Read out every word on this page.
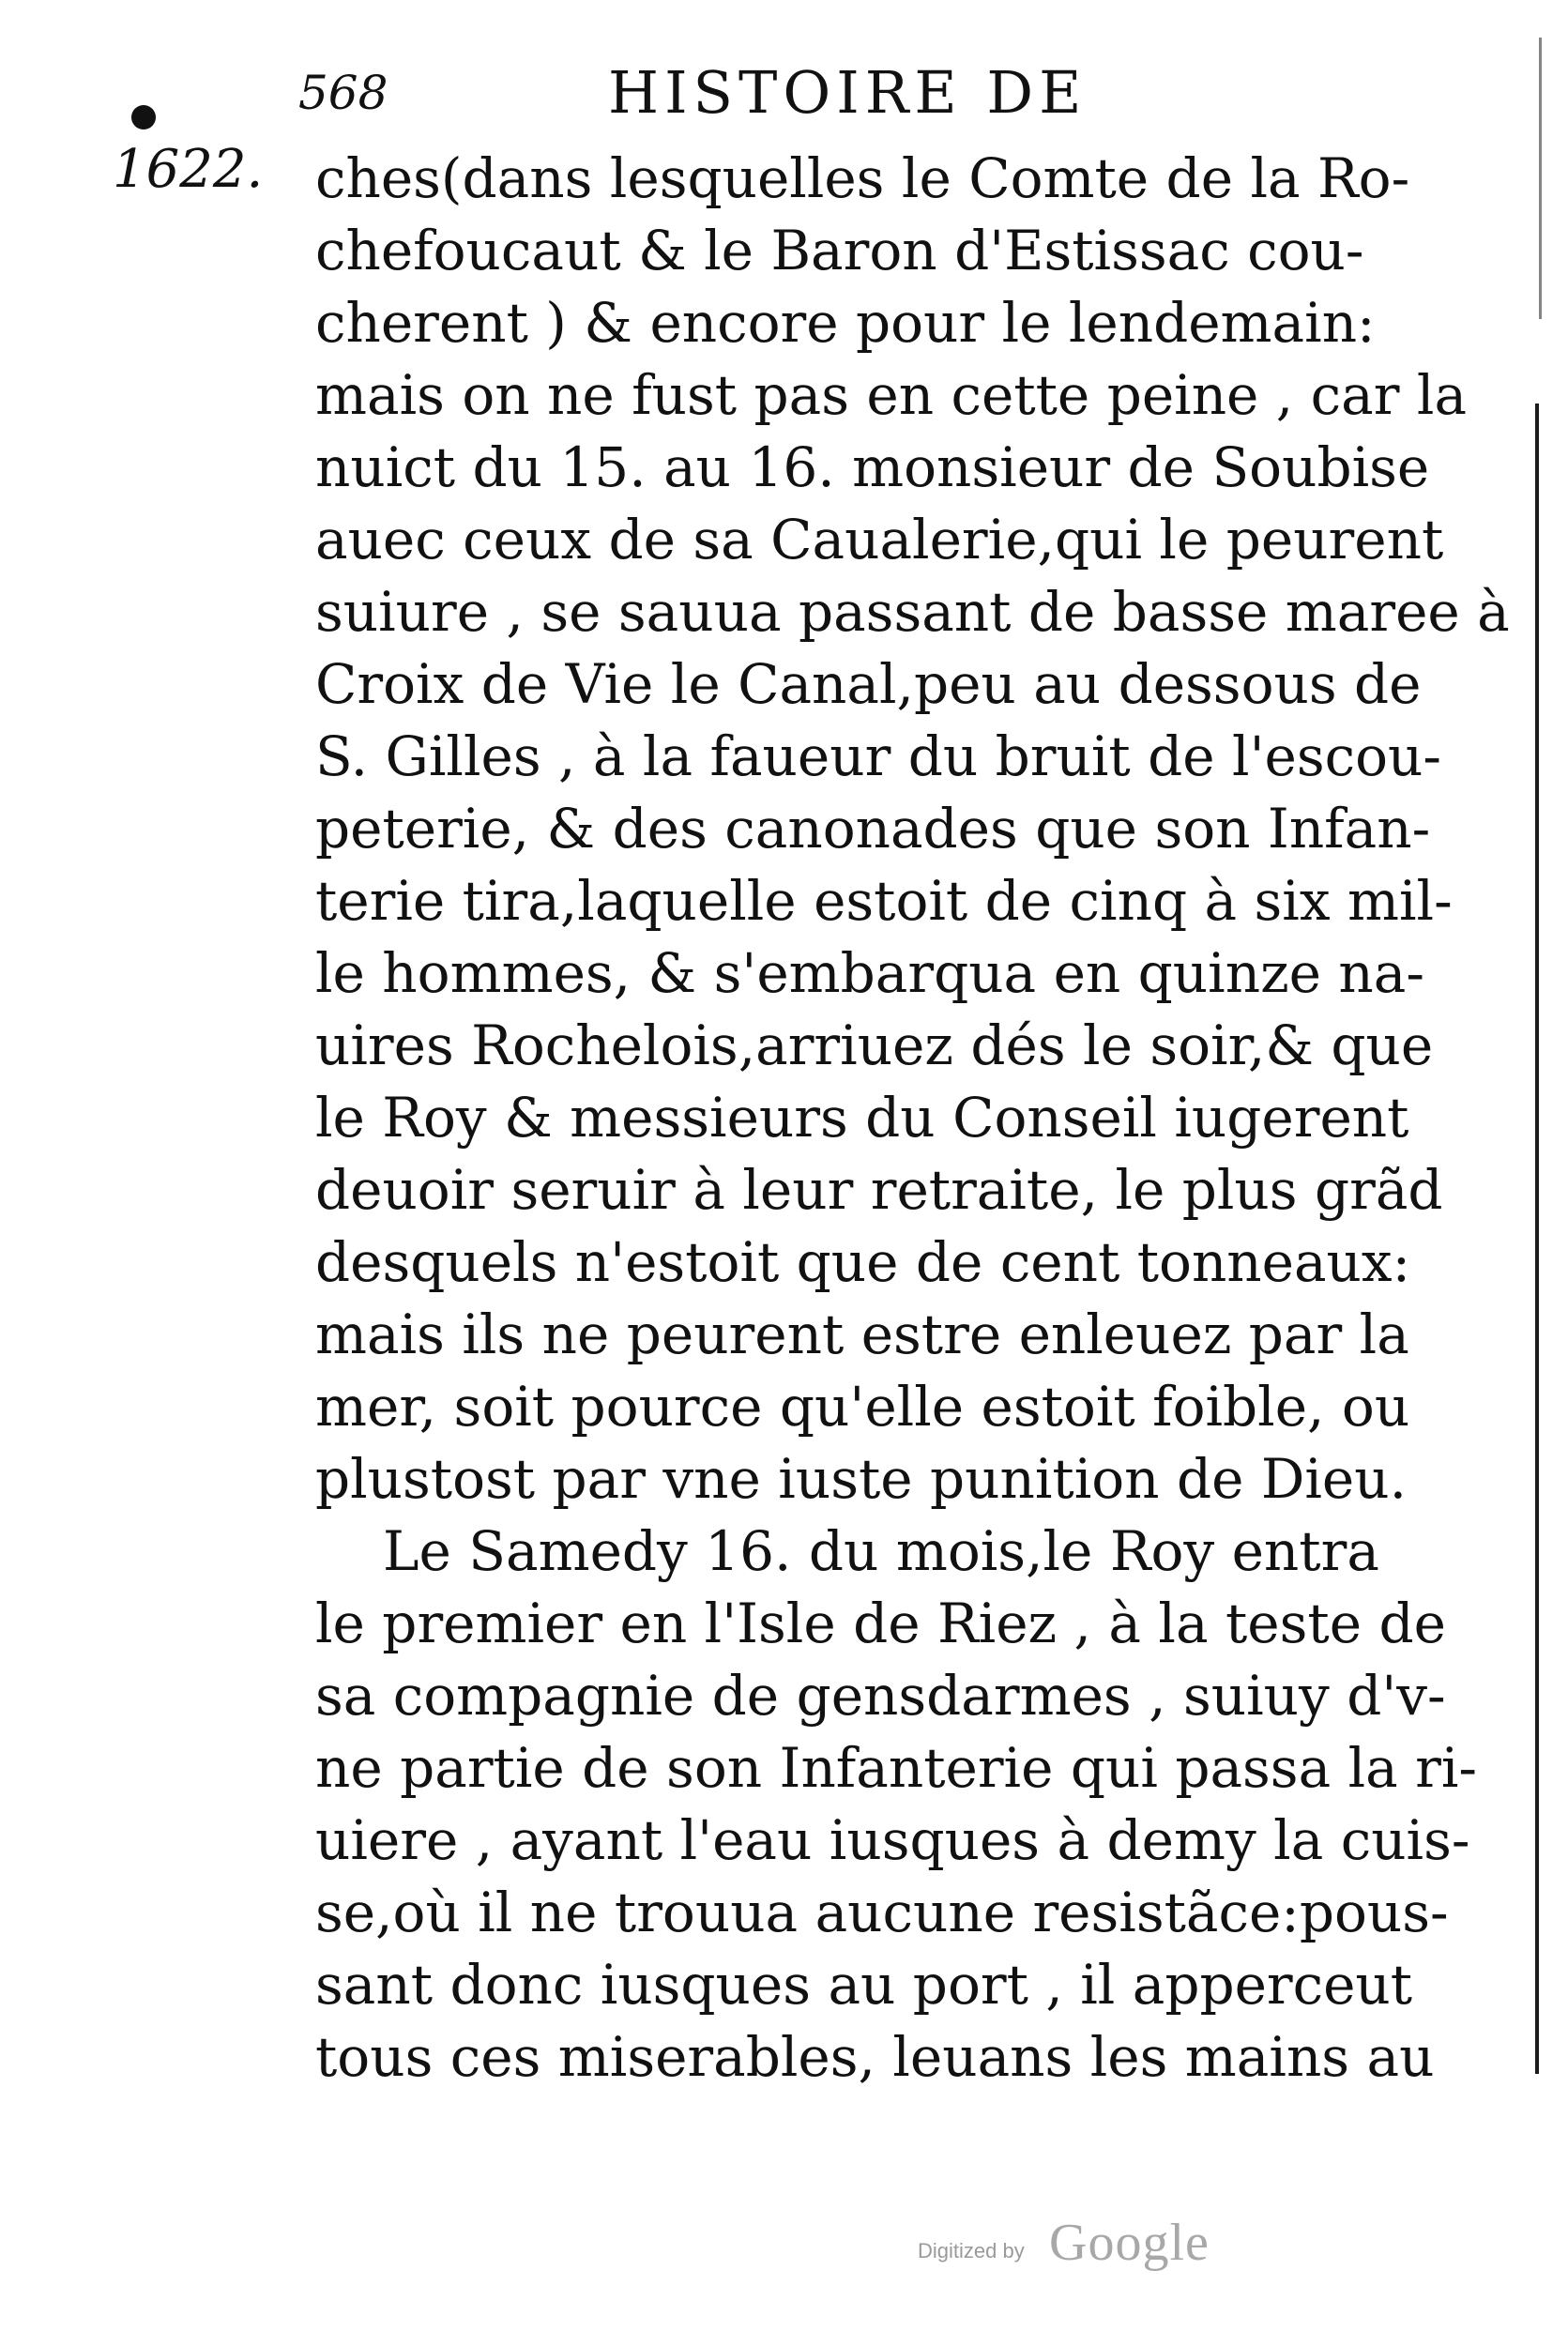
568	HISTOIRE DE
1622. ches(dans lesquelles le Comte de la Ro-
chefoucaut & le Baron d'Estissac cou-
cherent ) & encore pour le lendemain:
mais on ne fust pas en cette peine , car la
nuict du 15. au 16. monsieur de Soubise
auec ceux de sa Caualerie,qui le peurent
suiure , se sauua passant de basse maree à
Croix de Vie le Canal,peu au dessous de
S. Gilles , à la faueur du bruit de l'escou-
peterie, & des canonades que son Infan-
terie tira,laquelle estoit de cinq à six mil-
le hommes, & s'embarqua en quinze na-
uires Rochelois,arriuez dés le soir,& que
le Roy & messieurs du Conseil iugerent
deuoir seruir à leur retraite, le plus grãd
desquels n'estoit que de cent tonneaux:
mais ils ne peurent estre enleuez par la
mer, soit pource qu'elle estoit foible, ou
plustost par vne iuste punition de Dieu.
Le Samedy 16. du mois,le Roy entra
le premier en l'Isle de Riez , à la teste de
sa compagnie de gensdarmes , suiuy d'v-
ne partie de son Infanterie qui passa la ri-
uiere , ayant l'eau iusques à demy la cuis-
se,où il ne trouua aucune resistãce:pous-
sant donc iusques au port , il apperceut
tous ces miserables, leuans les mains au
Digitized by Google
